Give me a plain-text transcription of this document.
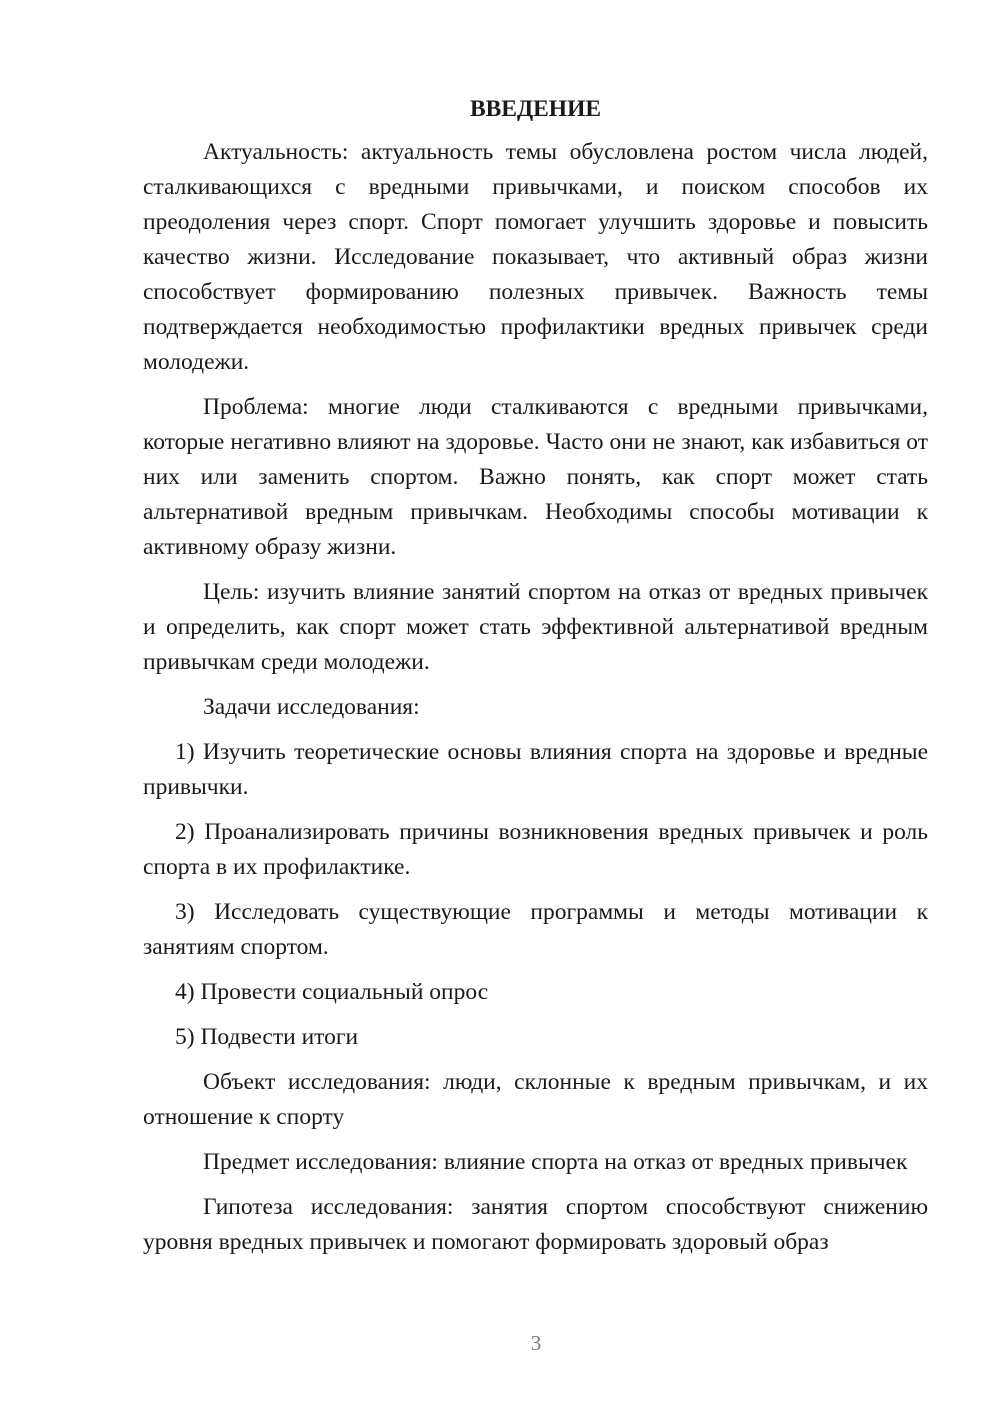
ВВЕДЕНИЕ

Актуальность: актуальность темы обусловлена ростом числа людей, сталкивающихся с вредными привычками, и поиском способов их преодоления через спорт. Спорт помогает улучшить здоровье и повысить качество жизни. Исследование показывает, что активный образ жизни способствует формированию полезных привычек. Важность темы подтверждается необходимостью профилактики вредных привычек среди молодежи.

Проблема: многие люди сталкиваются с вредными привычками, которые негативно влияют на здоровье. Часто они не знают, как избавиться от них или заменить спортом. Важно понять, как спорт может стать альтернативой вредным привычкам. Необходимы способы мотивации к активному образу жизни.

Цель: изучить влияние занятий спортом на отказ от вредных привычек и определить, как спорт может стать эффективной альтернативой вредным привычкам среди молодежи.

Задачи исследования:

1) Изучить теоретические основы влияния спорта на здоровье и вредные привычки.

2) Проанализировать причины возникновения вредных привычек и роль спорта в их профилактике.

3) Исследовать существующие программы и методы мотивации к занятиям спортом.

4) Провести социальный опрос

5) Подвести итоги

Объект исследования: люди, склонные к вредным привычкам, и их отношение к спорту

Предмет исследования: влияние спорта на отказ от вредных привычек

Гипотеза исследования: занятия спортом способствуют снижению уровня вредных привычек и помогают формировать здоровый образ

3
